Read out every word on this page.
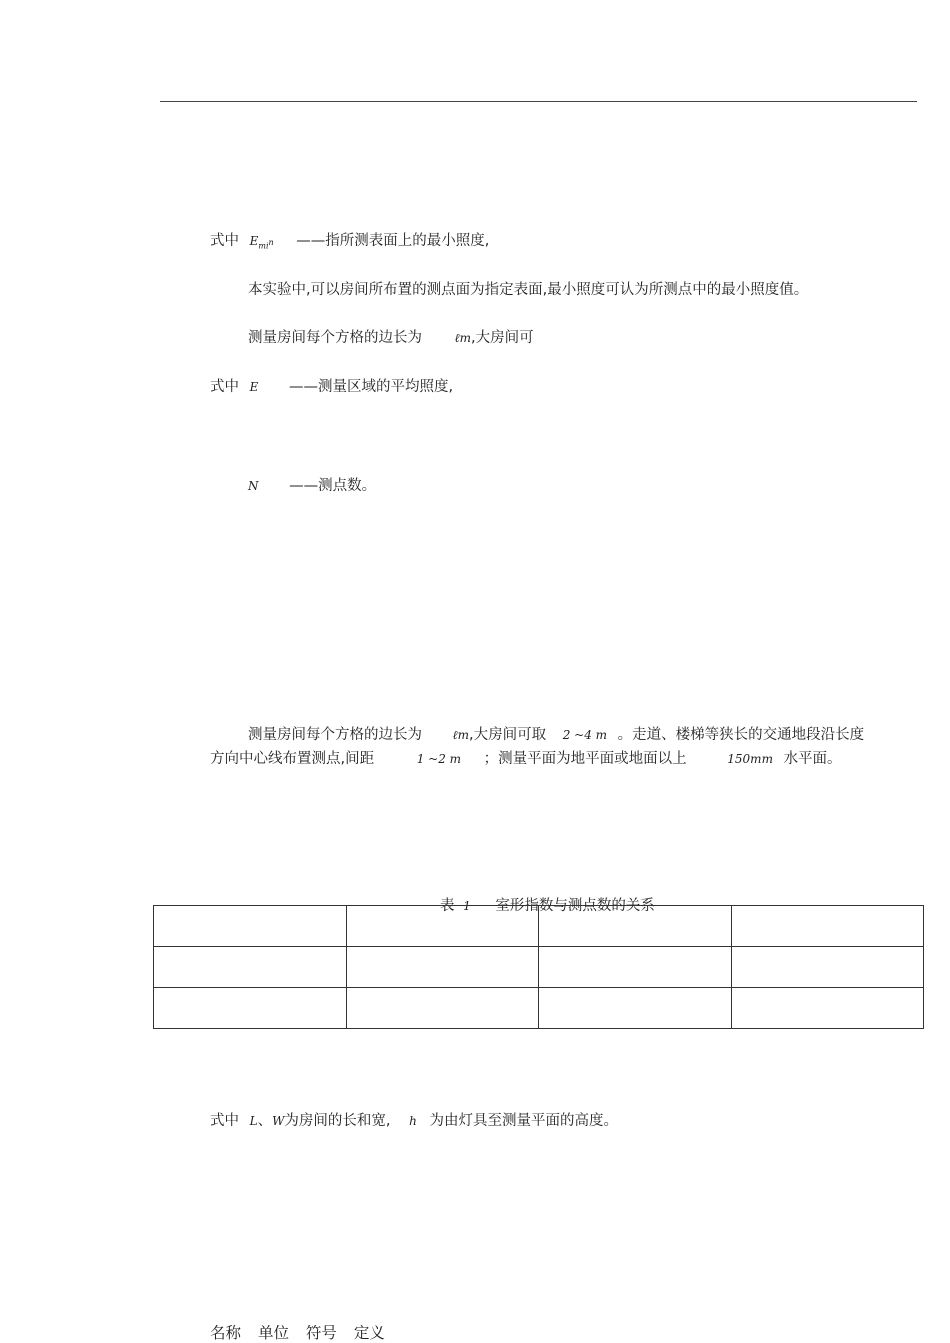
式中 $E_{mi}n$ ——指所测表面上的最小照度,
本实验中,可以房间所布置的测点面为指定表面,最小照度可认为所测点中的最小照度值。
测量房间每个方格的边长为	ℓm,大房间可
式中 E ——测量区域的平均照度,
N ——测点数。
测量房间每个方格的边长为	ℓm,大房间可取 2 ~4 m 。走道、楼梯等狭长的交通地段沿长度
方向中心线布置测点,间距	1 ~2 m ；测量平面为地平面或地面以上	150mm 水平面。
表 1 室形指数与测点数的关系

式中 L、W为房间的长和宽, h 为由灯具至测量平面的高度。
名称 单位 符号 定义
